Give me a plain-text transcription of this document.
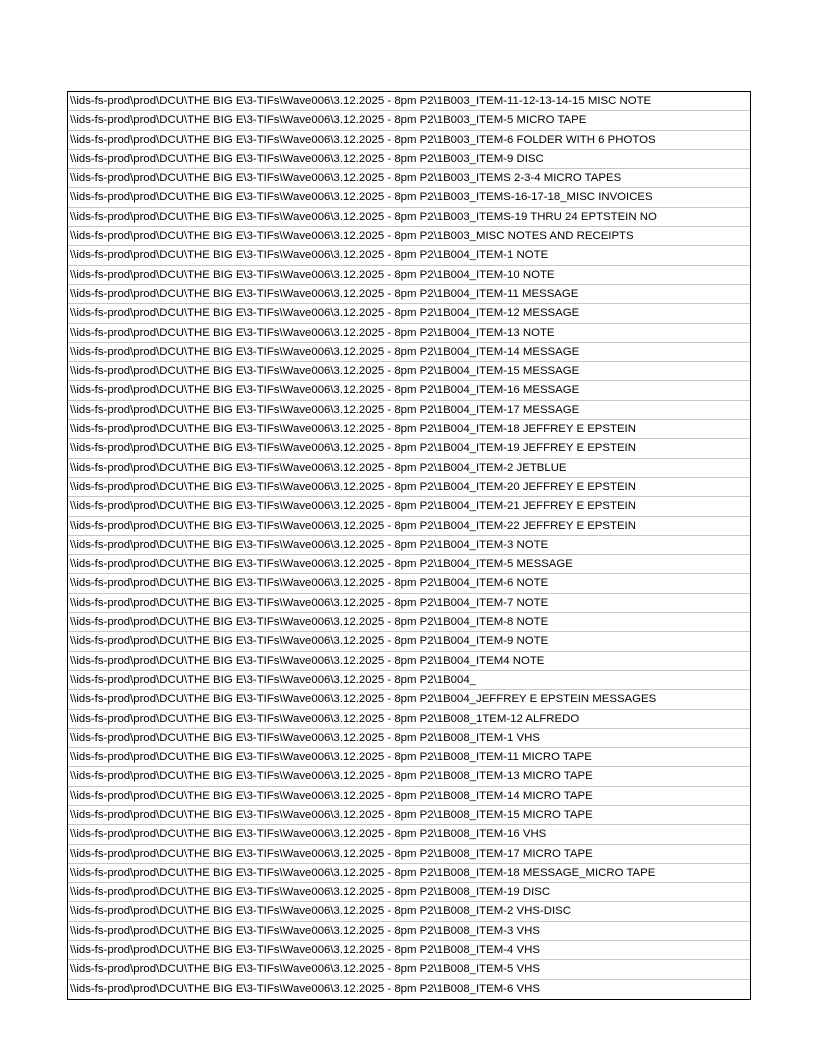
\\ids-fs-prod\prod\DCU\THE BIG E\3-TIFs\Wave006\3.12.2025 - 8pm P2\1B003_ITEM-11-12-13-14-15 MISC NOTE
\\ids-fs-prod\prod\DCU\THE BIG E\3-TIFs\Wave006\3.12.2025 - 8pm P2\1B003_ITEM-5 MICRO TAPE
\\ids-fs-prod\prod\DCU\THE BIG E\3-TIFs\Wave006\3.12.2025 - 8pm P2\1B003_ITEM-6 FOLDER WITH 6 PHOTOS
\\ids-fs-prod\prod\DCU\THE BIG E\3-TIFs\Wave006\3.12.2025 - 8pm P2\1B003_ITEM-9 DISC
\\ids-fs-prod\prod\DCU\THE BIG E\3-TIFs\Wave006\3.12.2025 - 8pm P2\1B003_ITEMS 2-3-4 MICRO TAPES
\\ids-fs-prod\prod\DCU\THE BIG E\3-TIFs\Wave006\3.12.2025 - 8pm P2\1B003_ITEMS-16-17-18_MISC INVOICES
\\ids-fs-prod\prod\DCU\THE BIG E\3-TIFs\Wave006\3.12.2025 - 8pm P2\1B003_ITEMS-19 THRU 24 EPTSTEIN NO
\\ids-fs-prod\prod\DCU\THE BIG E\3-TIFs\Wave006\3.12.2025 - 8pm P2\1B003_MISC NOTES AND RECEIPTS
\\ids-fs-prod\prod\DCU\THE BIG E\3-TIFs\Wave006\3.12.2025 - 8pm P2\1B004_ITEM-1 NOTE
\\ids-fs-prod\prod\DCU\THE BIG E\3-TIFs\Wave006\3.12.2025 - 8pm P2\1B004_ITEM-10 NOTE
\\ids-fs-prod\prod\DCU\THE BIG E\3-TIFs\Wave006\3.12.2025 - 8pm P2\1B004_ITEM-11 MESSAGE
\\ids-fs-prod\prod\DCU\THE BIG E\3-TIFs\Wave006\3.12.2025 - 8pm P2\1B004_ITEM-12 MESSAGE
\\ids-fs-prod\prod\DCU\THE BIG E\3-TIFs\Wave006\3.12.2025 - 8pm P2\1B004_ITEM-13 NOTE
\\ids-fs-prod\prod\DCU\THE BIG E\3-TIFs\Wave006\3.12.2025 - 8pm P2\1B004_ITEM-14 MESSAGE
\\ids-fs-prod\prod\DCU\THE BIG E\3-TIFs\Wave006\3.12.2025 - 8pm P2\1B004_ITEM-15 MESSAGE
\\ids-fs-prod\prod\DCU\THE BIG E\3-TIFs\Wave006\3.12.2025 - 8pm P2\1B004_ITEM-16 MESSAGE
\\ids-fs-prod\prod\DCU\THE BIG E\3-TIFs\Wave006\3.12.2025 - 8pm P2\1B004_ITEM-17 MESSAGE
\\ids-fs-prod\prod\DCU\THE BIG E\3-TIFs\Wave006\3.12.2025 - 8pm P2\1B004_ITEM-18 JEFFREY E EPSTEIN
\\ids-fs-prod\prod\DCU\THE BIG E\3-TIFs\Wave006\3.12.2025 - 8pm P2\1B004_ITEM-19 JEFFREY E EPSTEIN
\\ids-fs-prod\prod\DCU\THE BIG E\3-TIFs\Wave006\3.12.2025 - 8pm P2\1B004_ITEM-2 JETBLUE
\\ids-fs-prod\prod\DCU\THE BIG E\3-TIFs\Wave006\3.12.2025 - 8pm P2\1B004_ITEM-20 JEFFREY E EPSTEIN
\\ids-fs-prod\prod\DCU\THE BIG E\3-TIFs\Wave006\3.12.2025 - 8pm P2\1B004_ITEM-21 JEFFREY E EPSTEIN
\\ids-fs-prod\prod\DCU\THE BIG E\3-TIFs\Wave006\3.12.2025 - 8pm P2\1B004_ITEM-22 JEFFREY E EPSTEIN
\\ids-fs-prod\prod\DCU\THE BIG E\3-TIFs\Wave006\3.12.2025 - 8pm P2\1B004_ITEM-3 NOTE
\\ids-fs-prod\prod\DCU\THE BIG E\3-TIFs\Wave006\3.12.2025 - 8pm P2\1B004_ITEM-5 MESSAGE
\\ids-fs-prod\prod\DCU\THE BIG E\3-TIFs\Wave006\3.12.2025 - 8pm P2\1B004_ITEM-6 NOTE
\\ids-fs-prod\prod\DCU\THE BIG E\3-TIFs\Wave006\3.12.2025 - 8pm P2\1B004_ITEM-7 NOTE
\\ids-fs-prod\prod\DCU\THE BIG E\3-TIFs\Wave006\3.12.2025 - 8pm P2\1B004_ITEM-8 NOTE
\\ids-fs-prod\prod\DCU\THE BIG E\3-TIFs\Wave006\3.12.2025 - 8pm P2\1B004_ITEM-9 NOTE
\\ids-fs-prod\prod\DCU\THE BIG E\3-TIFs\Wave006\3.12.2025 - 8pm P2\1B004_ITEM4 NOTE
\\ids-fs-prod\prod\DCU\THE BIG E\3-TIFs\Wave006\3.12.2025 - 8pm P2\1B004_
\\ids-fs-prod\prod\DCU\THE BIG E\3-TIFs\Wave006\3.12.2025 - 8pm P2\1B004_JEFFREY E EPSTEIN MESSAGES
\\ids-fs-prod\prod\DCU\THE BIG E\3-TIFs\Wave006\3.12.2025 - 8pm P2\1B008_1TEM-12 ALFREDO
\\ids-fs-prod\prod\DCU\THE BIG E\3-TIFs\Wave006\3.12.2025 - 8pm P2\1B008_ITEM-1 VHS
\\ids-fs-prod\prod\DCU\THE BIG E\3-TIFs\Wave006\3.12.2025 - 8pm P2\1B008_ITEM-11 MICRO TAPE
\\ids-fs-prod\prod\DCU\THE BIG E\3-TIFs\Wave006\3.12.2025 - 8pm P2\1B008_ITEM-13 MICRO TAPE
\\ids-fs-prod\prod\DCU\THE BIG E\3-TIFs\Wave006\3.12.2025 - 8pm P2\1B008_ITEM-14 MICRO TAPE
\\ids-fs-prod\prod\DCU\THE BIG E\3-TIFs\Wave006\3.12.2025 - 8pm P2\1B008_ITEM-15 MICRO TAPE
\\ids-fs-prod\prod\DCU\THE BIG E\3-TIFs\Wave006\3.12.2025 - 8pm P2\1B008_ITEM-16 VHS
\\ids-fs-prod\prod\DCU\THE BIG E\3-TIFs\Wave006\3.12.2025 - 8pm P2\1B008_ITEM-17 MICRO TAPE
\\ids-fs-prod\prod\DCU\THE BIG E\3-TIFs\Wave006\3.12.2025 - 8pm P2\1B008_ITEM-18 MESSAGE_MICRO TAPE
\\ids-fs-prod\prod\DCU\THE BIG E\3-TIFs\Wave006\3.12.2025 - 8pm P2\1B008_ITEM-19 DISC
\\ids-fs-prod\prod\DCU\THE BIG E\3-TIFs\Wave006\3.12.2025 - 8pm P2\1B008_ITEM-2 VHS-DISC
\\ids-fs-prod\prod\DCU\THE BIG E\3-TIFs\Wave006\3.12.2025 - 8pm P2\1B008_ITEM-3 VHS
\\ids-fs-prod\prod\DCU\THE BIG E\3-TIFs\Wave006\3.12.2025 - 8pm P2\1B008_ITEM-4 VHS
\\ids-fs-prod\prod\DCU\THE BIG E\3-TIFs\Wave006\3.12.2025 - 8pm P2\1B008_ITEM-5 VHS
\\ids-fs-prod\prod\DCU\THE BIG E\3-TIFs\Wave006\3.12.2025 - 8pm P2\1B008_ITEM-6 VHS
